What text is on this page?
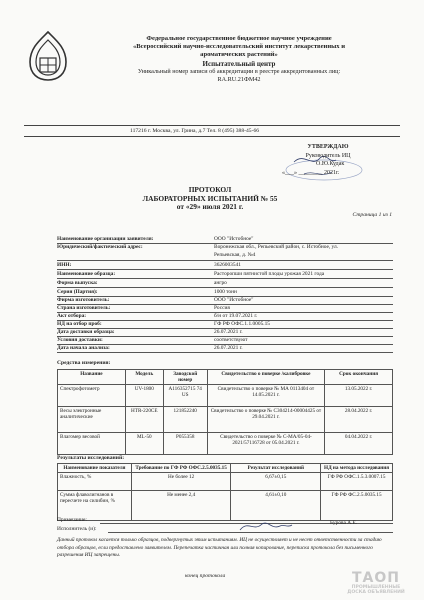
Федеральное государственное бюджетное научное учреждение
«Всероссийский научно-исследовательский институт лекарственных и
ароматических растений»
Испытательный центр
Уникальный номер записи об аккредитации в реестре аккредитованных лиц:
RA.RU.21ФМ42
117216 г. Москва, ул. Грина, д.7 Тел. 8 (495) 388-45-66
УТВЕРЖДАЮ
Руководитель ИЦ
О.Ю.Кудак
«___» ________ 2021г.
ПРОТОКОЛ
ЛАБОРАТОРНЫХ ИСПЫТАНИЙ № 55
от «29» июля 2021 г.
Страница 1 из 1
Наименование организации заявителя:	ООО "Истобное"
Юридический/фактический адрес:	Воронежская обл., Репьевский район, с. Истобное, ул.
Репьевская, д. №4
ИНН:	3626003541
Наименование образца:	Расторопши пятнистой плоды урожая 2021 года
Форма выпуска:	ангро
Серия (Партия):	1000 тонн
Фирма изготовитель:	ООО "Истобное"
Страна изготовитель:	Россия
Акт отбора:	б/н от 19.07.2021 г.
НД на отбор проб:	ГФ РФ ОФС.1.1.0005.15
Дата доставки образца:	26.07.2021 г.
Условия доставки:	соответствуют
Дата начала анализа:	26.07.2021 г.
Средства измерения:
Название	Модель	Заводской номер	Свидетельство о поверке /калибровке	Срок окончания
Спектрофотометр	UV-1800	A116352715 74 US	Свидетельство о поверке № МА 0113404 от 14.05.2021 г.	13.05.2022 г.
Весы электронные аналитические	HTR-220CE	121852240	Свидетельство о поверке № С304214-00004425 от 29.04.2021 г.	28.04.2022 г.
Влагомер весовой	ML-50	P055358	Свидетельство о поверке № С-МА/05-04-2021/57116728 от 05.04.2021 г.	04.04.2022 г.
Результаты исследований:
Наименование показателя	Требование по ГФ РФ ОФС.2.5.0035.15	Результат исследований	НД на метода исследования
Влажность, %	Не более 12	6,67±0,15	ГФ РФ ОФС.1.5.3.0007.15
Сумма флаволигнанов в пересчете на силибин, %	Не менее 2,4	4,61±0,10	ГФ РФ ФС.2.5.0035.15
Примечание:
Исполнитель (и):
Бурова А.Е.
Данный протокол касается только образцов, подвергнутых этим испытаниям. ИЦ не осуществляет и не несет ответственности за стадию отбора образцов, если предоставлено заявителем. Перепечатка частичная или полная копирование, переписка протокола без письменного разрешения ИЦ запрещены.
конец протокола	ТАОП
ПРОМЫШЛЕННЫЕ
ДОСКА ОБЪЯВЛЕНИЙ
